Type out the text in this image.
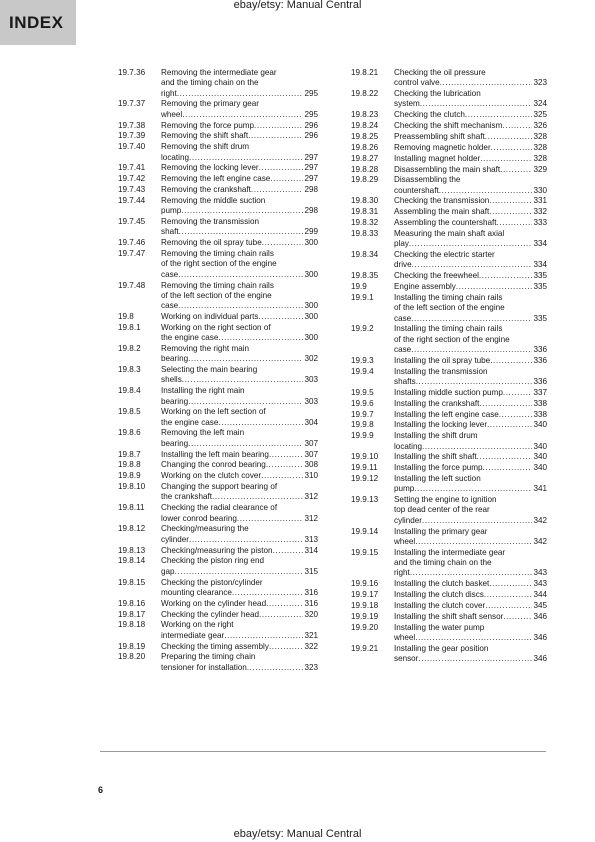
INDEX
ebay/etsy: Manual Central
19.7.36	Removing the intermediate gear
and the timing chain on the
right .....	295
19.7.37	Removing the primary gear
wheel .....	295
19.7.38	Removing the force pump .....	296
19.7.39	Removing the shift shaft .....	296
19.7.40	Removing the shift drum
locating .....	297
19.7.41	Removing the locking lever .....	297
19.7.42	Removing the left engine case .....	297
19.7.43	Removing the crankshaft .....	298
19.7.44	Removing the middle suction
pump .....	298
19.7.45	Removing the transmission
shaft .....	299
19.7.46	Removing the oil spray tube .....	300
19.7.47	Removing the timing chain rails
of the right section of the engine
case .....	300
19.7.48	Removing the timing chain rails
of the left section of the engine
case .....	300
19.8	Working on individual parts .....	300
19.8.1	Working on the right section of
the engine case .....	300
19.8.2	Removing the right main
bearing .....	302
19.8.3	Selecting the main bearing
shells .....	303
19.8.4	Installing the right main
bearing .....	303
19.8.5	Working on the left section of
the engine case .....	304
19.8.6	Removing the left main
bearing .....	307
19.8.7	Installing the left main bearing .....	307
19.8.8	Changing the conrod bearing .....	308
19.8.9	Working on the clutch cover .....	310
19.8.10	Changing the support bearing of
the crankshaft .....	312
19.8.11	Checking the radial clearance of
lower conrod bearing .....	312
19.8.12	Checking/measuring the
cylinder .....	313
19.8.13	Checking/measuring the piston .....	314
19.8.14	Checking the piston ring end
gap .....	315
19.8.15	Checking the piston/cylinder
mounting clearance .....	316
19.8.16	Working on the cylinder head .....	316
19.8.17	Checking the cylinder head .....	320
19.8.18	Working on the right
intermediate gear .....	321
19.8.19	Checking the timing assembly .....	322
19.8.20	Preparing the timing chain
tensioner for installation .....	323
19.8.21	Checking the oil pressure
control valve .....	323
19.8.22	Checking the lubrication
system .....	324
19.8.23	Checking the clutch .....	325
19.8.24	Checking the shift mechanism .....	326
19.8.25	Preassembling shift shaft .....	328
19.8.26	Removing magnetic holder .....	328
19.8.27	Installing magnet holder .....	328
19.8.28	Disassembling the main shaft .....	329
19.8.29	Disassembling the
countershaft .....	330
19.8.30	Checking the transmission .....	331
19.8.31	Assembling the main shaft .....	332
19.8.32	Assembling the countershaft .....	333
19.8.33	Measuring the main shaft axial
play .....	334
19.8.34	Checking the electric starter
drive .....	334
19.8.35	Checking the freewheel .....	335
19.9	Engine assembly .....	335
19.9.1	Installing the timing chain rails
of the left section of the engine
case .....	335
19.9.2	Installing the timing chain rails
of the right section of the engine
case .....	336
19.9.3	Installing the oil spray tube .....	336
19.9.4	Installing the transmission
shafts .....	336
19.9.5	Installing middle suction pump .....	337
19.9.6	Installing the crankshaft .....	338
19.9.7	Installing the left engine case .....	338
19.9.8	Installing the locking lever .....	340
19.9.9	Installing the shift drum
locating .....	340
19.9.10	Installing the shift shaft .....	340
19.9.11	Installing the force pump .....	340
19.9.12	Installing the left suction
pump .....	341
19.9.13	Setting the engine to ignition
top dead center of the rear
cylinder .....	342
19.9.14	Installing the primary gear
wheel .....	342
19.9.15	Installing the intermediate gear
and the timing chain on the
right .....	343
19.9.16	Installing the clutch basket .....	343
19.9.17	Installing the clutch discs .....	344
19.9.18	Installing the clutch cover .....	345
19.9.19	Installing the shift shaft sensor .....	346
19.9.20	Installing the water pump
wheel .....	346
19.9.21	Installing the gear position
sensor .....	346
6
ebay/etsy: Manual Central
